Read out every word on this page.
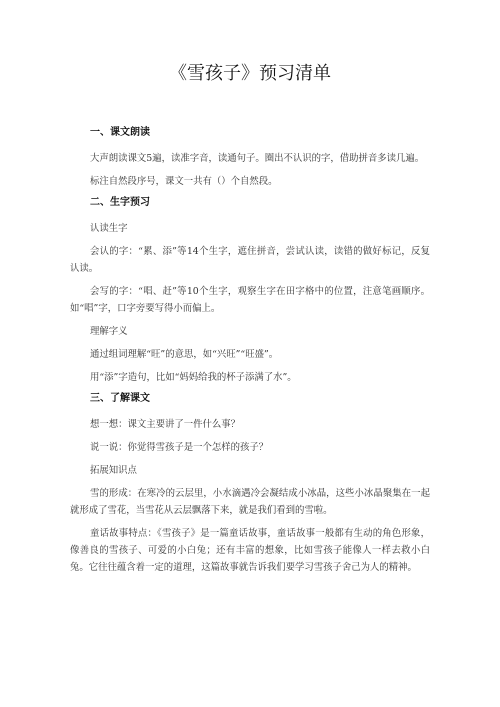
《雪孩子》预习清单
一、课文朗读

大声朗读课文5遍，读准字音，读通句子。圈出不认识的字，借助拼音多读几遍。

标注自然段序号，课文一共有（）个自然段。

二、生字预习
认读生字

会认的字：“累、添”等14个生字，遮住拼音，尝试认读，读错的做好标记，反复认读。

会写的字：“唱、赶”等10个生字，观察生字在田字格中的位置，注意笔画顺序。如“唱”字，口字旁要写得小而偏上。

理解字义

通过组词理解“旺”的意思，如“兴旺”“旺盛”。

用“添”字造句，比如“妈妈给我的杯子添满了水”。

三、了解课文
想一想：课文主要讲了一件什么事？
说一说：你觉得雪孩子是一个怎样的孩子？
拓展知识点

雪的形成：在寒冷的云层里，小水滴遇冷会凝结成小冰晶，这些小冰晶聚集在一起就形成了雪花，当雪花从云层飘落下来，就是我们看到的雪啦。

童话故事特点：《雪孩子》是一篇童话故事，童话故事一般都有生动的角色形象，像善良的雪孩子、可爱的小白兔；还有丰富的想象，比如雪孩子能像人一样去救小白兔。它往往蕴含着一定的道理，这篇故事就告诉我们要学习雪孩子舍己为人的精神。
